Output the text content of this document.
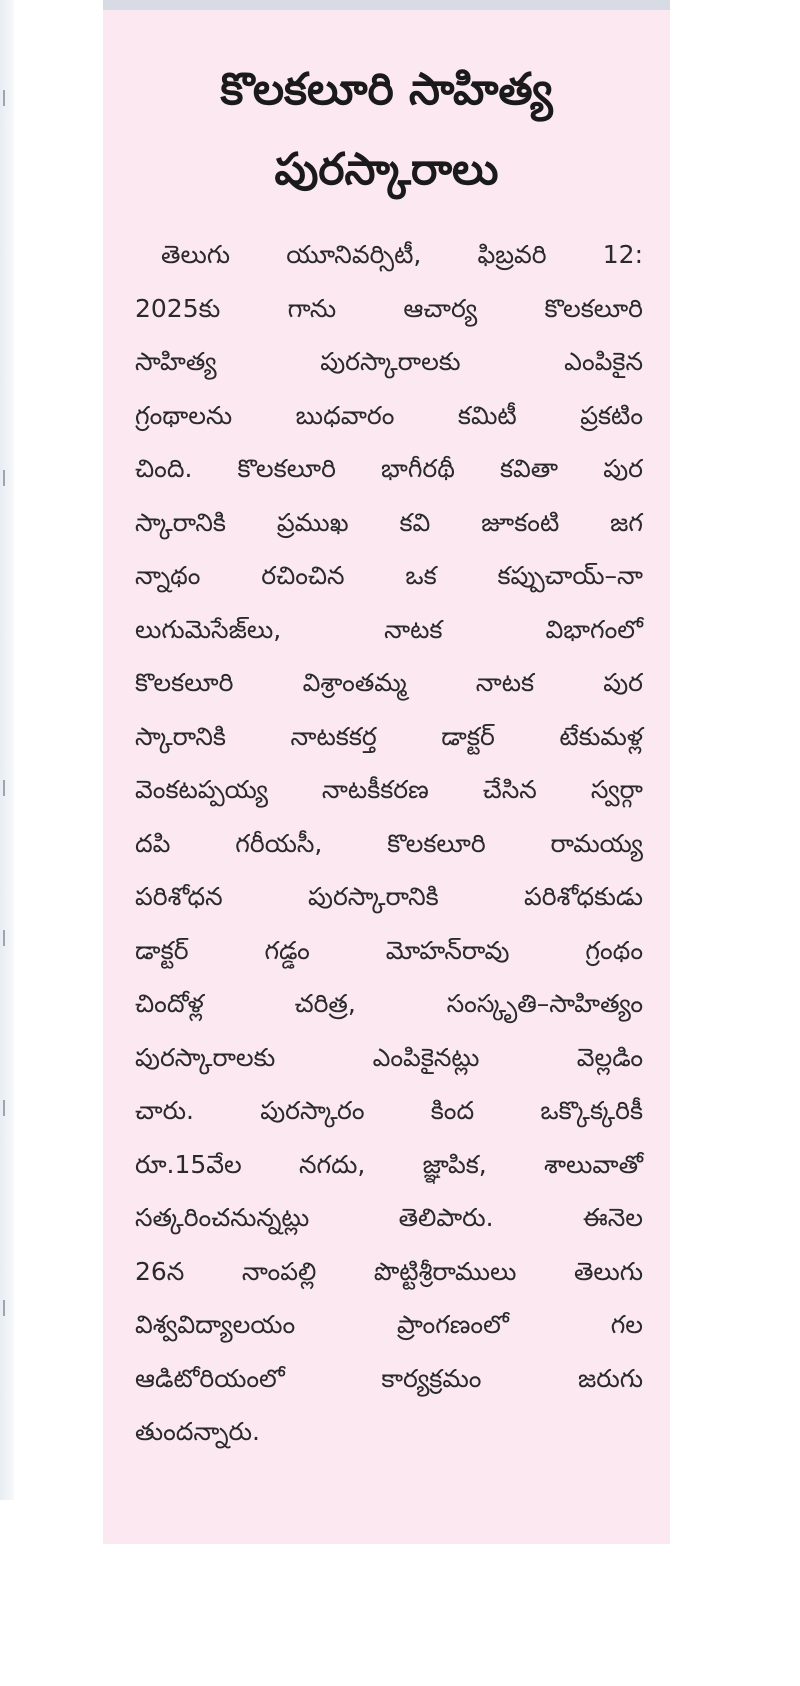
కొలకలూరి సాహిత్య
పురస్కారాలు
తెలుగు యూనివర్సిటీ, ఫిబ్రవరి 12:
2025కు గాను ఆచార్య కొలకలూరి
సాహిత్య పురస్కారాలకు ఎంపికైన
గ్రంథాలను బుధవారం కమిటీ ప్రకటిం
చింది. కొలకలూరి భాగీరథీ కవితా పుర
స్కారానికి ప్రముఖ కవి జూకంటి జగ
న్నాథం రచించిన ఒక కప్పుచాయ్–నా
లుగుమెసేజ్‌లు, నాటక విభాగంలో
కొలకలూరి విశ్రాంతమ్మ నాటక పుర
స్కారానికి నాటకకర్త డాక్టర్ టేకుమళ్ల
వెంకటప్పయ్య నాటకీకరణ చేసిన స్వర్గా
దపి గరీయసీ, కొలకలూరి రామయ్య
పరిశోధన పురస్కారానికి పరిశోధకుడు
డాక్టర్ గడ్డం మోహన్‌రావు గ్రంథం
చిందోళ్ల చరిత్ర, సంస్కృతి–సాహిత్యం
పురస్కారాలకు ఎంపికైనట్లు వెల్లడిం
చారు. పురస్కారం కింద ఒక్కొక్కరికీ
రూ.15వేల నగదు, జ్ఞాపిక, శాలువాతో
సత్కరించనున్నట్లు తెలిపారు. ఈనెల
26న నాంపల్లి పొట్టిశ్రీరాములు తెలుగు
విశ్వవిద్యాలయం ప్రాంగణంలో గల
ఆడిటోరియంలో కార్యక్రమం జరుగు
తుందన్నారు.
